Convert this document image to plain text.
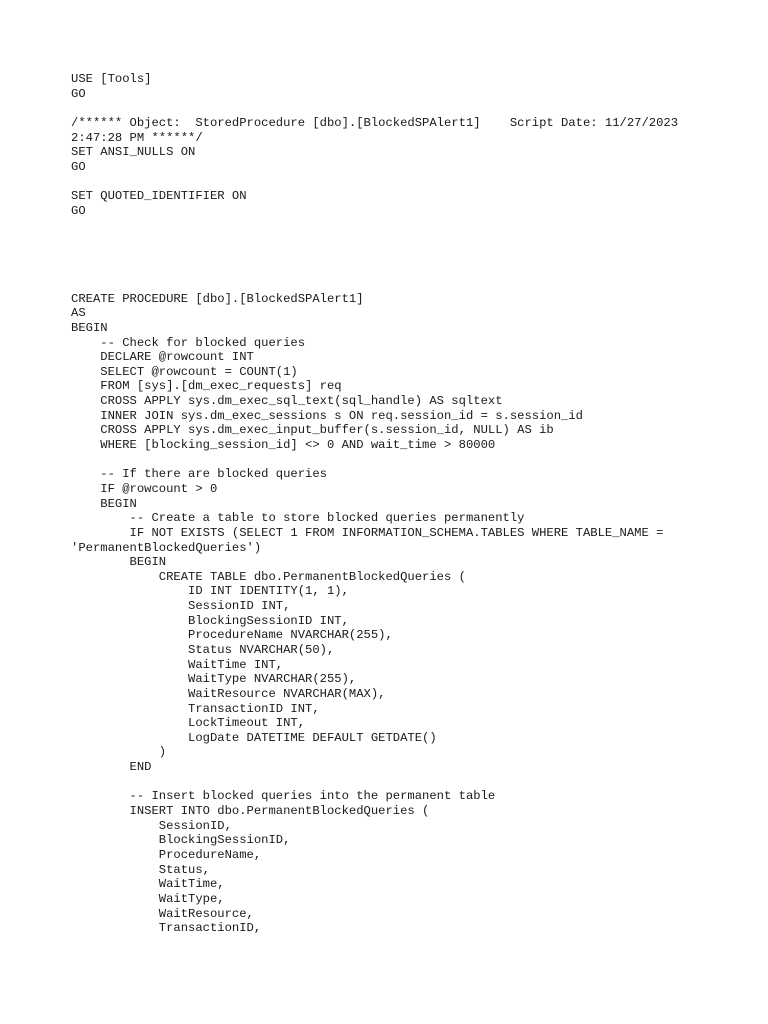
USE [Tools]
GO
/****** Object:  StoredProcedure [dbo].[BlockedSPAlert1]    Script Date: 11/27/2023
2:47:28 PM ******/
SET ANSI_NULLS ON
GO
SET QUOTED_IDENTIFIER ON
GO
CREATE PROCEDURE [dbo].[BlockedSPAlert1]
AS
BEGIN
-- Check for blocked queries
DECLARE @rowcount INT
SELECT @rowcount = COUNT(1)
FROM [sys].[dm_exec_requests] req
CROSS APPLY sys.dm_exec_sql_text(sql_handle) AS sqltext
INNER JOIN sys.dm_exec_sessions s ON req.session_id = s.session_id
CROSS APPLY sys.dm_exec_input_buffer(s.session_id, NULL) AS ib
WHERE [blocking_session_id] <> 0 AND wait_time > 80000
-- If there are blocked queries
IF @rowcount > 0
BEGIN
-- Create a table to store blocked queries permanently
IF NOT EXISTS (SELECT 1 FROM INFORMATION_SCHEMA.TABLES WHERE TABLE_NAME =
'PermanentBlockedQueries')
BEGIN
CREATE TABLE dbo.PermanentBlockedQueries (
ID INT IDENTITY(1, 1),
SessionID INT,
BlockingSessionID INT,
ProcedureName NVARCHAR(255),
Status NVARCHAR(50),
WaitTime INT,
WaitType NVARCHAR(255),
WaitResource NVARCHAR(MAX),
TransactionID INT,
LockTimeout INT,
LogDate DATETIME DEFAULT GETDATE()
)
END
-- Insert blocked queries into the permanent table
INSERT INTO dbo.PermanentBlockedQueries (
SessionID,
BlockingSessionID,
ProcedureName,
Status,
WaitTime,
WaitType,
WaitResource,
TransactionID,
